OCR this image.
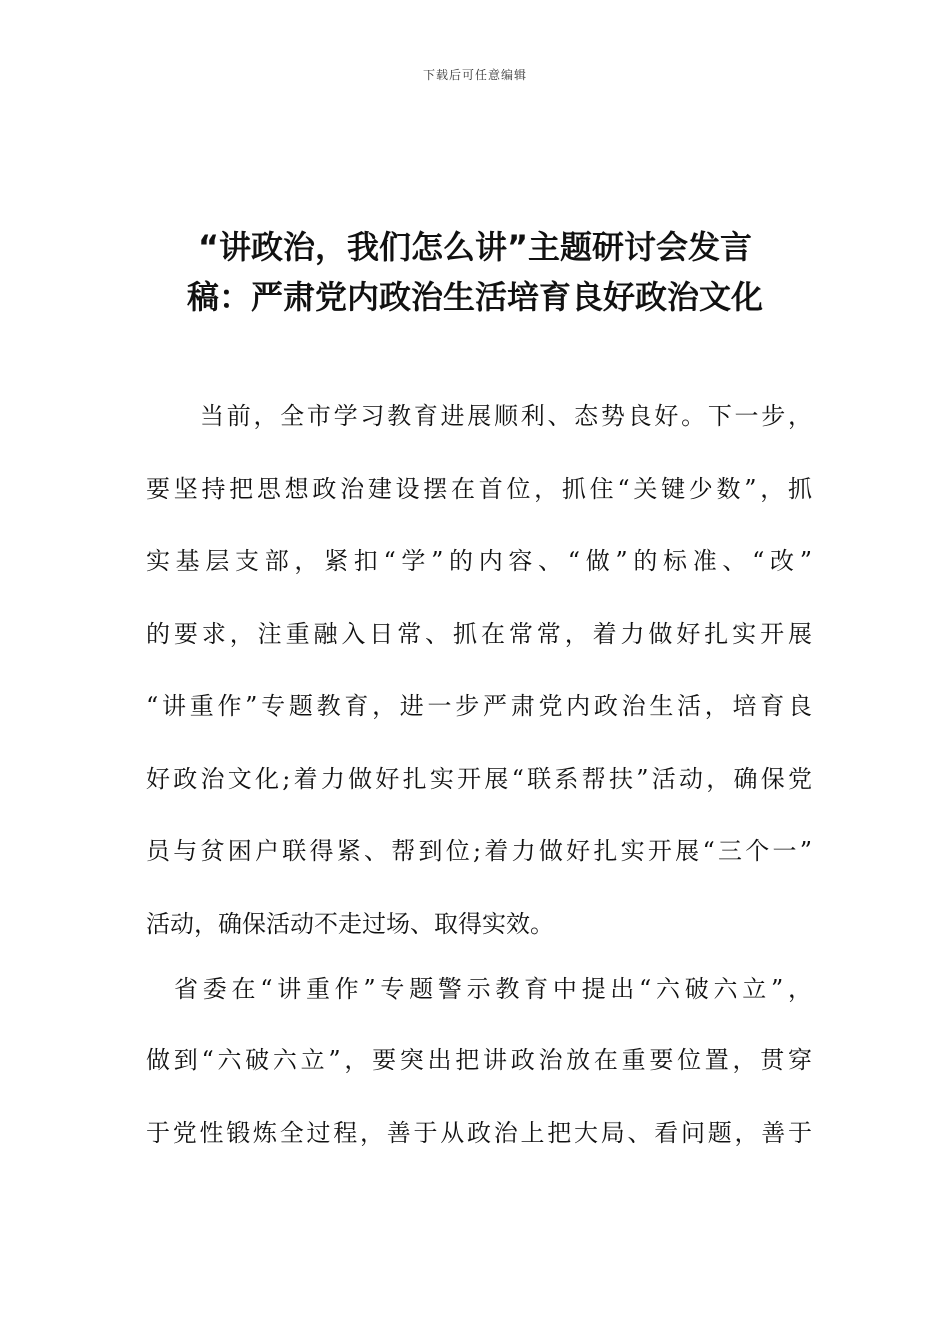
下载后可任意编辑
“讲政治，我们怎么讲”主题研讨会发言
稿：严肃党内政治生活培育良好政治文化
当前，全市学习教育进展顺利、态势良好。下一步，
要坚持把思想政治建设摆在首位，抓住“关键少数”，抓
实基层支部，紧扣“学”的内容、“做”的标准、“改”
的要求，注重融入日常、抓在常常，着力做好扎实开展
“讲重作”专题教育，进一步严肃党内政治生活，培育良
好政治文化;着力做好扎实开展“联系帮扶”活动，确保党
员与贫困户联得紧、帮到位;着力做好扎实开展“三个一”
活动，确保活动不走过场、取得实效。
省委在“讲重作”专题警示教育中提出“六破六立”，
做到“六破六立”，要突出把讲政治放在重要位置，贯穿
于党性锻炼全过程，善于从政治上把大局、看问题，善于
